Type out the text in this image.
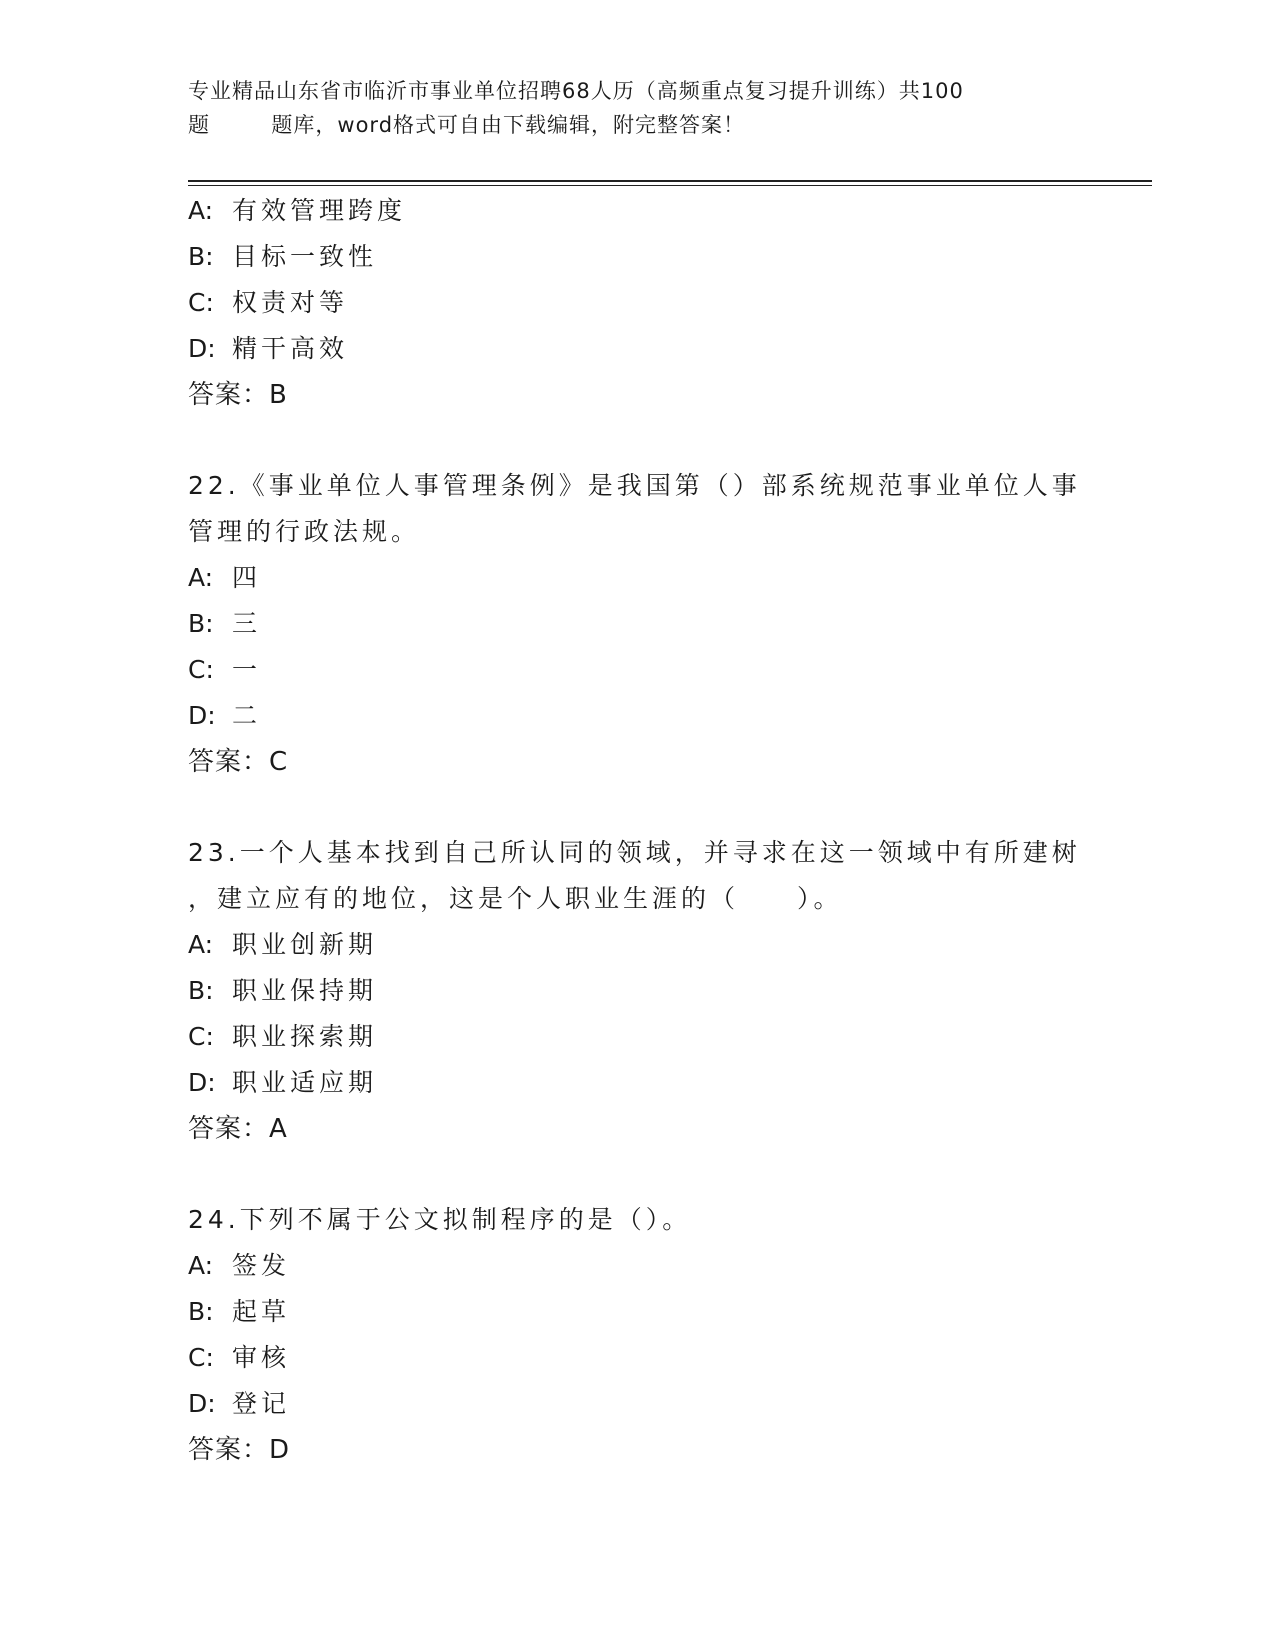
专业精品山东省市临沂市事业单位招聘68人历（高频重点复习提升训练）共100
题        题库，word格式可自由下载编辑，附完整答案！
A: 有效管理跨度
B: 目标一致性
C: 权责对等
D: 精干高效
答案：B
22.《事业单位人事管理条例》是我国第（）部系统规范事业单位人事
管理的行政法规。
A: 四
B: 三
C: 一
D: 二
答案：C
23.一个人基本找到自己所认同的领域，并寻求在这一领域中有所建树
，建立应有的地位，这是个人职业生涯的（　　）。
A: 职业创新期
B: 职业保持期
C: 职业探索期
D: 职业适应期
答案：A
24.下列不属于公文拟制程序的是（）。
A: 签发
B: 起草
C: 审核
D: 登记
答案：D
